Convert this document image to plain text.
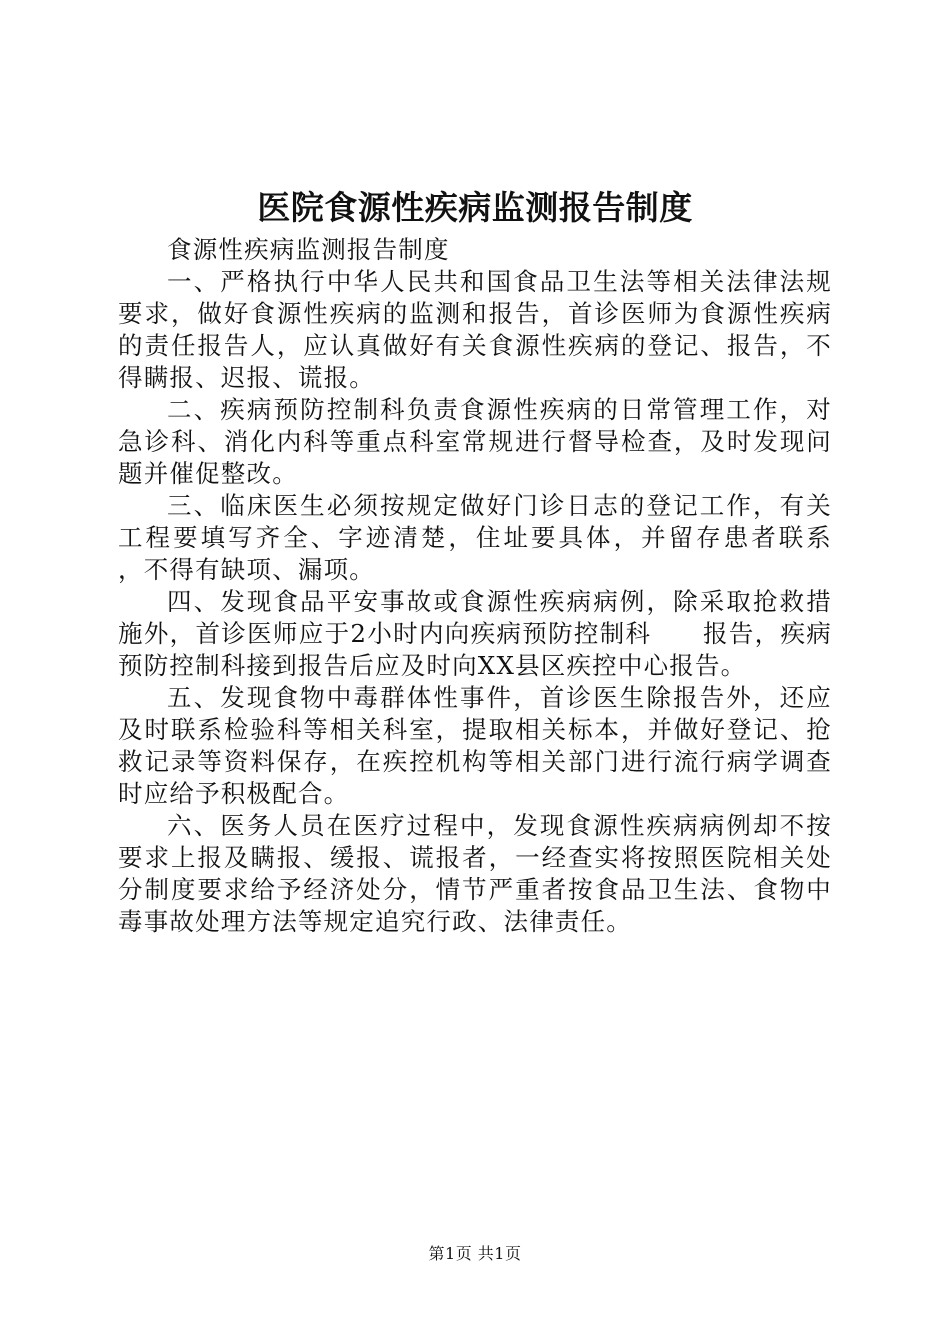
医院食源性疾病监测报告制度

食源性疾病监测报告制度

一、严格执行中华人民共和国食品卫生法等相关法律法规要求，做好食源性疾病的监测和报告，首诊医师为食源性疾病的责任报告人，应认真做好有关食源性疾病的登记、报告，不得瞒报、迟报、谎报。

二、疾病预防控制科负责食源性疾病的日常管理工作，对急诊科、消化内科等重点科室常规进行督导检查，及时发现问题并催促整改。

三、临床医生必须按规定做好门诊日志的登记工作，有关工程要填写齐全、字迹清楚，住址要具体，并留存患者联系　　，不得有缺项、漏项。

四、发现食品平安事故或食源性疾病病例，除采取抢救措施外，首诊医师应于2小时内向疾病预防控制科　　报告，疾病预防控制科接到报告后应及时向XX县区疾控中心报告。

五、发现食物中毒群体性事件，首诊医生除报告外，还应及时联系检验科等相关科室，提取相关标本，并做好登记、抢救记录等资料保存，在疾控机构等相关部门进行流行病学调查时应给予积极配合。

六、医务人员在医疗过程中，发现食源性疾病病例却不按要求上报及瞒报、缓报、谎报者，一经查实将按照医院相关处分制度要求给予经济处分，情节严重者按食品卫生法、食物中毒事故处理方法等规定追究行政、法律责任。

第1页 共1页
